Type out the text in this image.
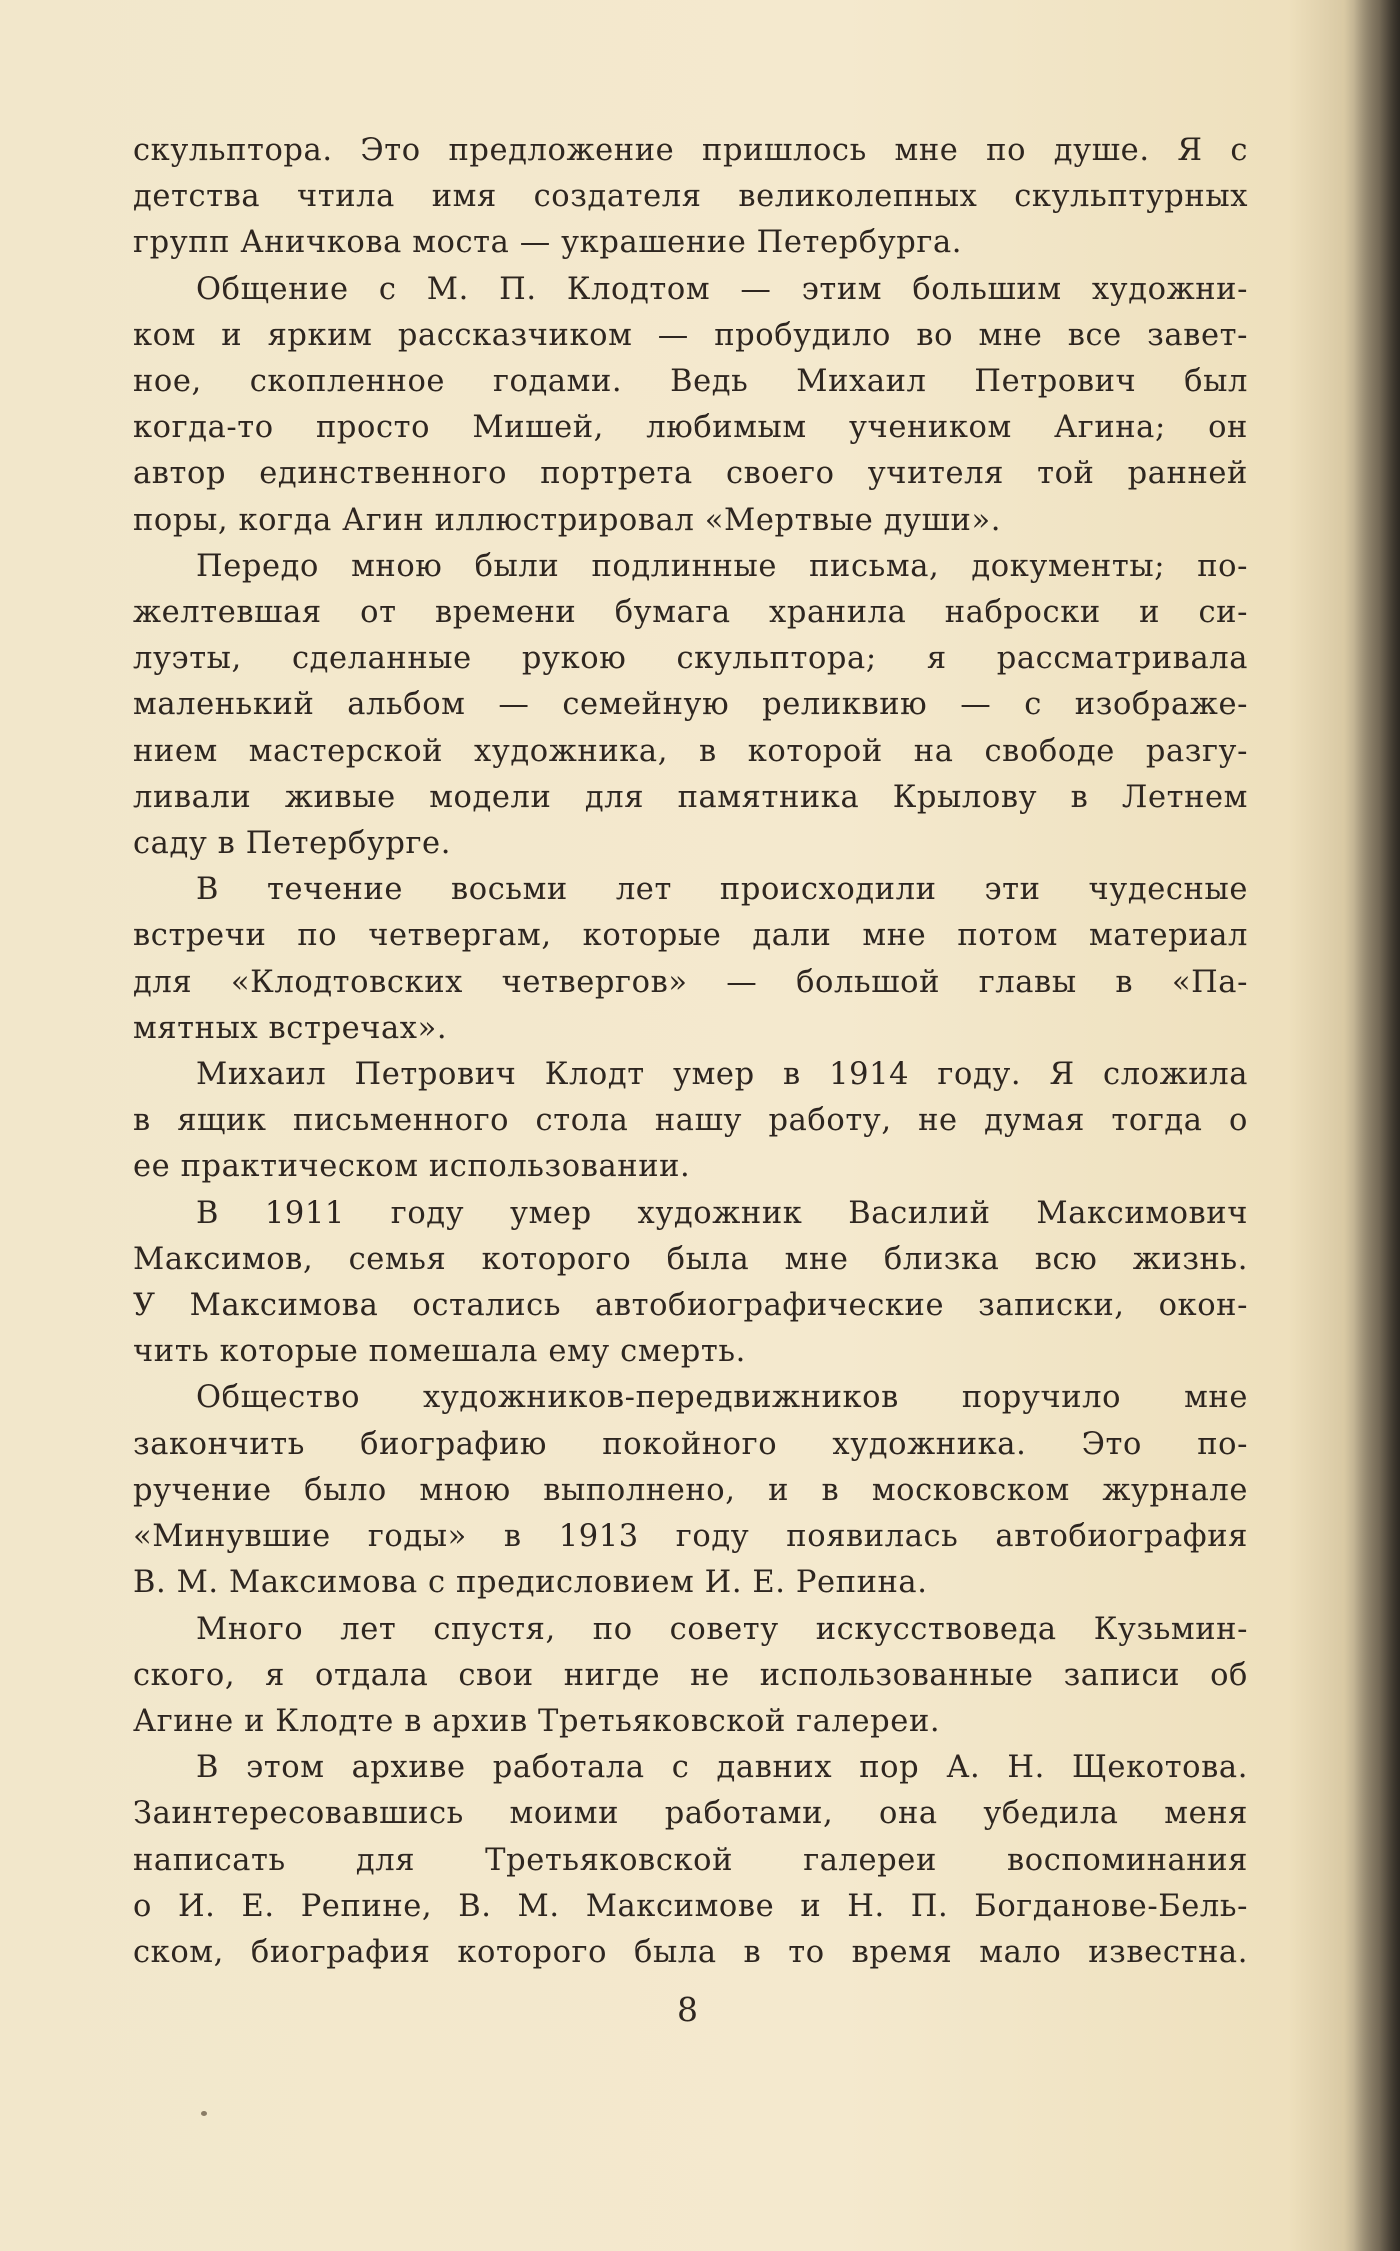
скульптора. Это предложение пришлось мне по душе. Я с
детства чтила имя создателя великолепных скульптурных
групп Аничкова моста — украшение Петербурга.
Общение с М. П. Клодтом — этим большим художни-
ком и ярким рассказчиком — пробудило во мне все завет-
ное, скопленное годами. Ведь Михаил Петрович был
когда-то просто Мишей, любимым учеником Агина; он
автор единственного портрета своего учителя той ранней
поры, когда Агин иллюстрировал «Мертвые души».
Передо мною были подлинные письма, документы; по-
желтевшая от времени бумага хранила наброски и си-
луэты, сделанные рукою скульптора; я рассматривала
маленький альбом — семейную реликвию — с изображе-
нием мастерской художника, в которой на свободе разгу-
ливали живые модели для памятника Крылову в Летнем
саду в Петербурге.
В течение восьми лет происходили эти чудесные
встречи по четвергам, которые дали мне потом материал
для «Клодтовских четвергов» — большой главы в «Па-
мятных встречах».
Михаил Петрович Клодт умер в 1914 году. Я сложила
в ящик письменного стола нашу работу, не думая тогда о
ее практическом использовании.
В 1911 году умер художник Василий Максимович
Максимов, семья которого была мне близка всю жизнь.
У Максимова остались автобиографические записки, окон-
чить которые помешала ему смерть.
Общество художников-передвижников поручило мне
закончить биографию покойного художника. Это по-
ручение было мною выполнено, и в московском журнале
«Минувшие годы» в 1913 году появилась автобиография
В. М. Максимова с предисловием И. Е. Репина.
Много лет спустя, по совету искусствоведа Кузьмин-
ского, я отдала свои нигде не использованные записи об
Агине и Клодте в архив Третьяковской галереи.
В этом архиве работала с давних пор А. Н. Щекотова.
Заинтересовавшись моими работами, она убедила меня
написать для Третьяковской галереи воспоминания
о И. Е. Репине, В. М. Максимове и Н. П. Богданове-Бель-
ском, биография которого была в то время мало известна.
8
